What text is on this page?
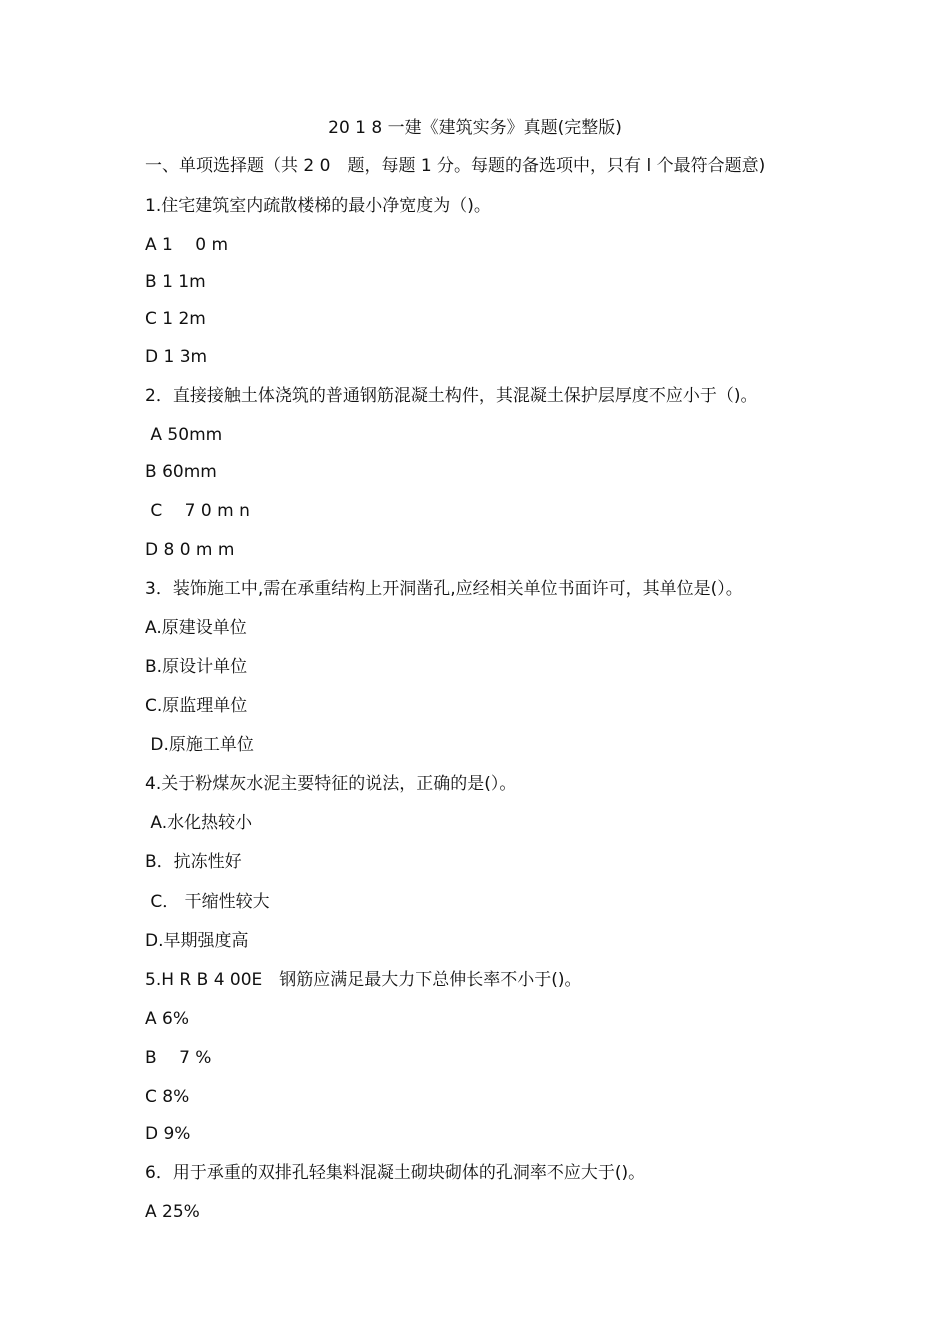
20 1 8 一建《建筑实务》真题(完整版)
一、单项选择题（共 2 0　题，每题 1 分。每题的备选项中，只有 l 个最符合题意)
1.住宅建筑室内疏散楼梯的最小净宽度为（)。
A 1　 0 m
B 1 1m
C 1 2m
D 1 3m
2．直接接触土体浇筑的普通钢筋混凝土构件，其混凝土保护层厚度不应小于（)。
A 50mm
B 60mm
C　 7 0 m n
D 8 0 m m
3．装饰施工中,需在承重结构上开洞凿孔,应经相关单位书面许可，其单位是(）。
A.原建设单位
B.原设计单位
C.原监理单位
D.原施工单位
4.关于粉煤灰水泥主要特征的说法，正确的是(）。
A.水化热较小
B．抗冻性好
C． 干缩性较大
D.早期强度高
5.H R B 4 00E　钢筋应满足最大力下总伸长率不小于()。
A 6%
B　 7 %
C 8%
D 9%
6．用于承重的双排孔轻集料混凝土砌块砌体的孔洞率不应大于()。
A 25%
